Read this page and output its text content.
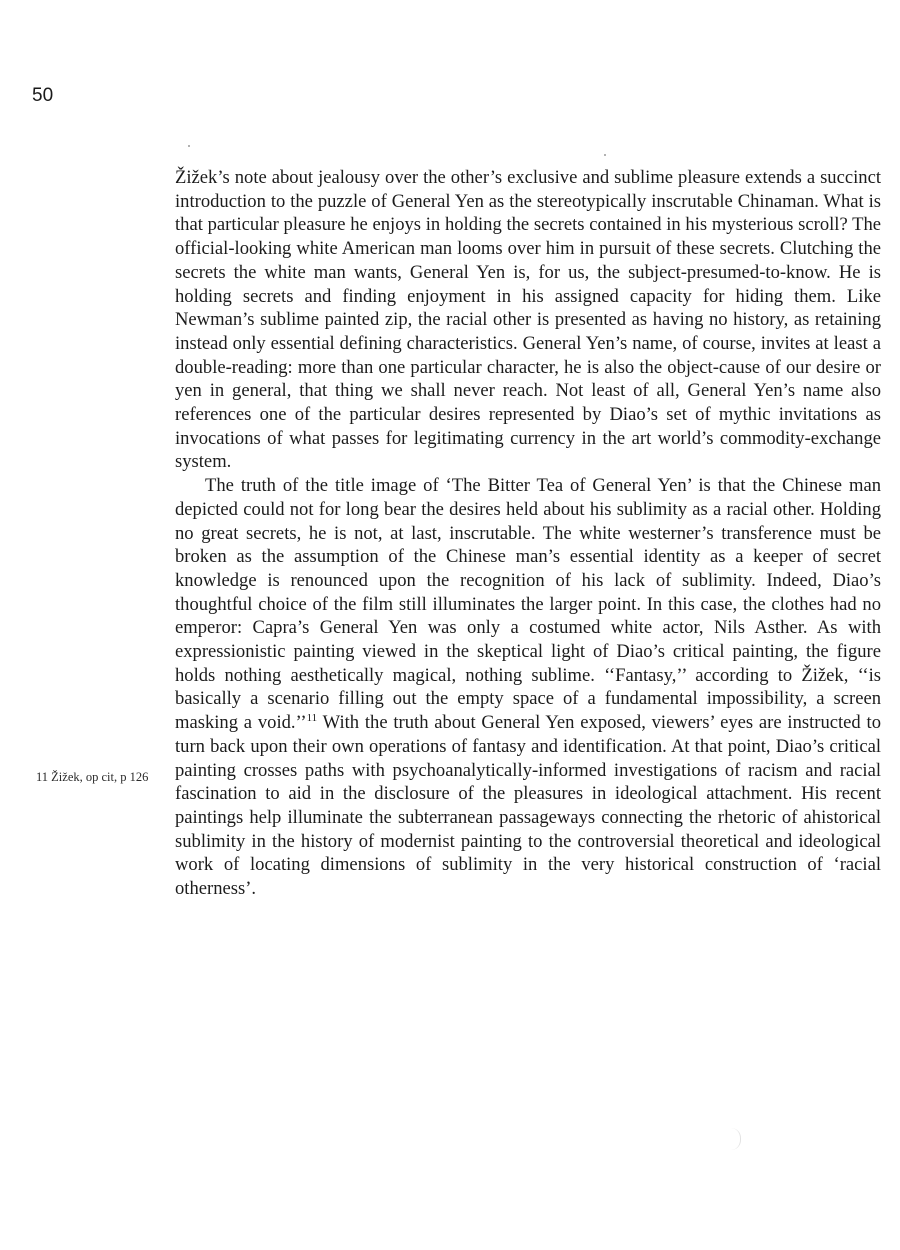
50
11 Žižek, op cit, p 126

Žižek’s note about jealousy over the other’s exclusive and sublime pleasure extends a succinct introduction to the puzzle of General Yen as the stereotypically inscrutable Chinaman. What is that particular pleasure he enjoys in holding the secrets contained in his mysterious scroll? The official-looking white American man looms over him in pursuit of these secrets. Clutching the secrets the white man wants, General Yen is, for us, the subject-presumed-to-know. He is holding secrets and finding enjoyment in his assigned capacity for hiding them. Like Newman’s sublime painted zip, the racial other is presented as having no history, as retaining instead only essential defining characteristics. General Yen’s name, of course, invites at least a double-reading: more than one particular character, he is also the object-cause of our desire or yen in general, that thing we shall never reach. Not least of all, General Yen’s name also references one of the particular desires represented by Diao’s set of mythic invitations as invocations of what passes for legitimating currency in the art world’s commodity-exchange system.

The truth of the title image of ‘The Bitter Tea of General Yen’ is that the Chinese man depicted could not for long bear the desires held about his sublimity as a racial other. Holding no great secrets, he is not, at last, inscrutable. The white westerner’s transference must be broken as the assumption of the Chinese man’s essential identity as a keeper of secret knowledge is renounced upon the recognition of his lack of sublimity. Indeed, Diao’s thoughtful choice of the film still illuminates the larger point. In this case, the clothes had no emperor: Capra’s General Yen was only a costumed white actor, Nils Asther. As with expressionistic painting viewed in the skeptical light of Diao’s critical painting, the figure holds nothing aesthetically magical, nothing sublime. ‘‘Fantasy,’’ according to Žižek, ‘‘is basically a scenario filling out the empty space of a fundamental impossibility, a screen masking a void.’’$^{11}$ With the truth about General Yen exposed, viewers’ eyes are instructed to turn back upon their own operations of fantasy and identification. At that point, Diao’s critical painting crosses paths with psychoanalytically-informed investigations of racism and racial fascination to aid in the disclosure of the pleasures in ideological attachment. His recent paintings help illuminate the subterranean passageways connecting the rhetoric of ahistorical sublimity in the history of modernist painting to the controversial theoretical and ideological work of locating dimensions of sublimity in the very historical construction of ‘racial otherness’.
